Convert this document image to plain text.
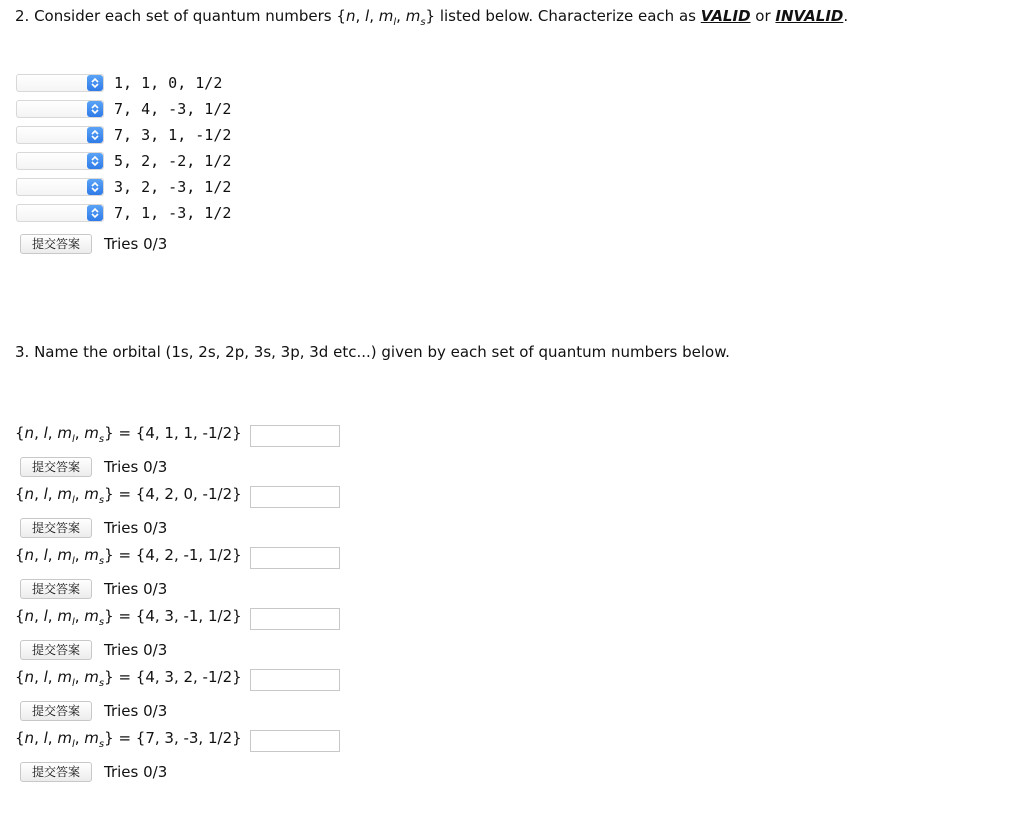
2. Consider each set of quantum numbers {n, l, $m_l$, $m_s$} listed below. Characterize each as VALID or INVALID.
1, 1, 0, 1/2
7, 4, -3, 1/2
7, 3, 1, -1/2
5, 2, -2, 1/2
3, 2, -3, 1/2
7, 1, -3, 1/2
提交答案	Tries 0/3
3. Name the orbital (1s, 2s, 2p, 3s, 3p, 3d etc...) given by each set of quantum numbers below.
{n, l, $m_l$, $m_s\} = \{4$, 1, 1, -1/2}
提交答案	Tries 0/3
{n, l, $m_l$, $m_s\} = \{4$, 2, 0, -1/2}
提交答案	Tries 0/3
{n, l, $m_l$, $m_s\} = \{4$, 2, -1, 1/2}
提交答案	Tries 0/3
{n, l, $m_l$, $m_s\} = \{4$, 3, -1, 1/2}
提交答案	Tries 0/3
{n, l, $m_l$, $m_s\} = \{4$, 3, 2, -1/2}
提交答案	Tries 0/3
{n, l, $m_l$, $m_s\} = \{7$, 3, -3, 1/2}
提交答案	Tries 0/3
